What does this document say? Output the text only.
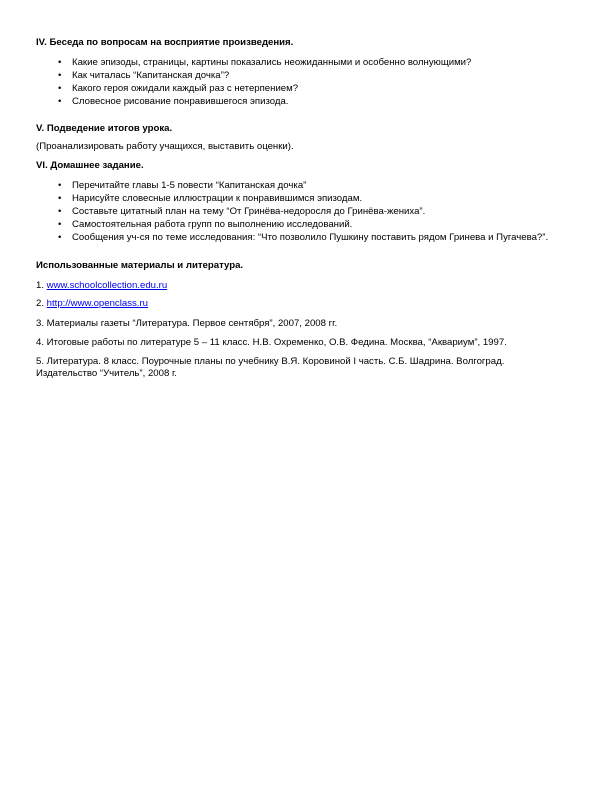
IV. Беседа по вопросам на восприятие произведения.
• Какие эпизоды, страницы, картины показались неожиданными и особенно волнующими?
• Как читалась “Капитанская дочка”?
• Какого героя ожидали каждый раз с нетерпением?
• Словесное рисование понравившегося эпизода.
V. Подведение итогов урока.
(Проанализировать работу учащихся, выставить оценки).
VI. Домашнее задание.
• Перечитайте главы 1-5 повести “Капитанская дочка”
• Нарисуйте словесные иллюстрации к понравившимся эпизодам.
• Составьте цитатный план на тему “От Гринёва-недоросля до Гринёва-жениха”.
• Самостоятельная работа групп по выполнению исследований.
• Сообщения уч-ся по теме исследования: “Что позволило Пушкину поставить рядом Гринева и Пугачева?”.
Использованные материалы и литература.
1. www.schoolcollection.edu.ru
2. http://www.openclass.ru
3. Материалы газеты “Литература. Первое сентября”, 2007, 2008 гг.
4. Итоговые работы по литературе 5 – 11 класс. Н.В. Охременко, О.В. Федина. Москва, “Аквариум”, 1997.
5. Литература. 8 класс. Поурочные планы по учебнику В.Я. Коровиной I часть. С.Б. Шадрина. Волгоград.
Издательство “Учитель”, 2008 г.
